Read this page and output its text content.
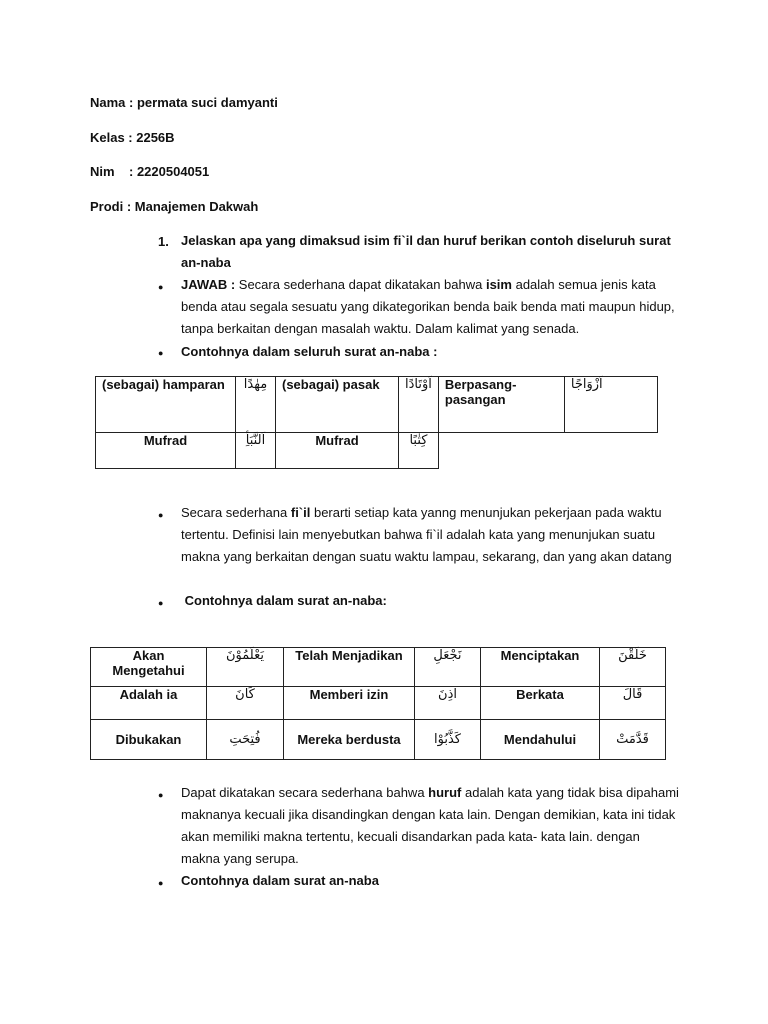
Nama : permata suci damyanti
Kelas : 2256B
Nim    : 2220504051
Prodi : Manajemen Dakwah
1. Jelaskan apa yang dimaksud isim fi`il dan huruf berikan contoh diseluruh surat
an-naba
● JAWAB : Secara sederhana dapat dikatakan bahwa isim adalah semua jenis kata benda atau segala sesuatu yang dikategorikan benda baik benda mati maupun hidup, tanpa berkaitan dengan masalah waktu. Dalam kalimat yang senada.
● Contohnya dalam seluruh surat an-naba :
(sebagai) hamparan	مِهٰدًا	(sebagai) pasak	اَوْتَادًا	Berpasang-pasangan	اَزْوَاجًا
Mufrad	اَلنَّبَأِ	Mufrad	كِتٰبًا		
● Secara sederhana fi`il berarti setiap kata yanng menunjukan pekerjaan pada waktu tertentu. Definisi lain menyebutkan bahwa fi`il adalah kata yang menunjukan suatu makna yang berkaitan dengan suatu waktu lampau, sekarang, dan yang akan datang
● Contohnya dalam surat an-naba:
Akan Mengetahui	يَعْلَمُوْنَ	Telah Menjadikan	نَجْعَلِ	Menciptakan	خَلَقْنَ
Adalah ia	كَانَ	Memberi izin	اذِنَ	Berkata	قَالَ
Dibukakan	فُتِحَتِ	Mereka berdusta	كَذَّبُوْا	Mendahului	قَدَّمَتْ
● Dapat dikatakan secara sederhana bahwa huruf adalah kata yang tidak bisa dipahami maknanya kecuali jika disandingkan dengan kata lain. Dengan demikian, kata ini tidak akan memiliki makna tertentu, kecuali disandarkan pada kata- kata lain. dengan makna yang serupa.
● Contohnya dalam surat an-naba
